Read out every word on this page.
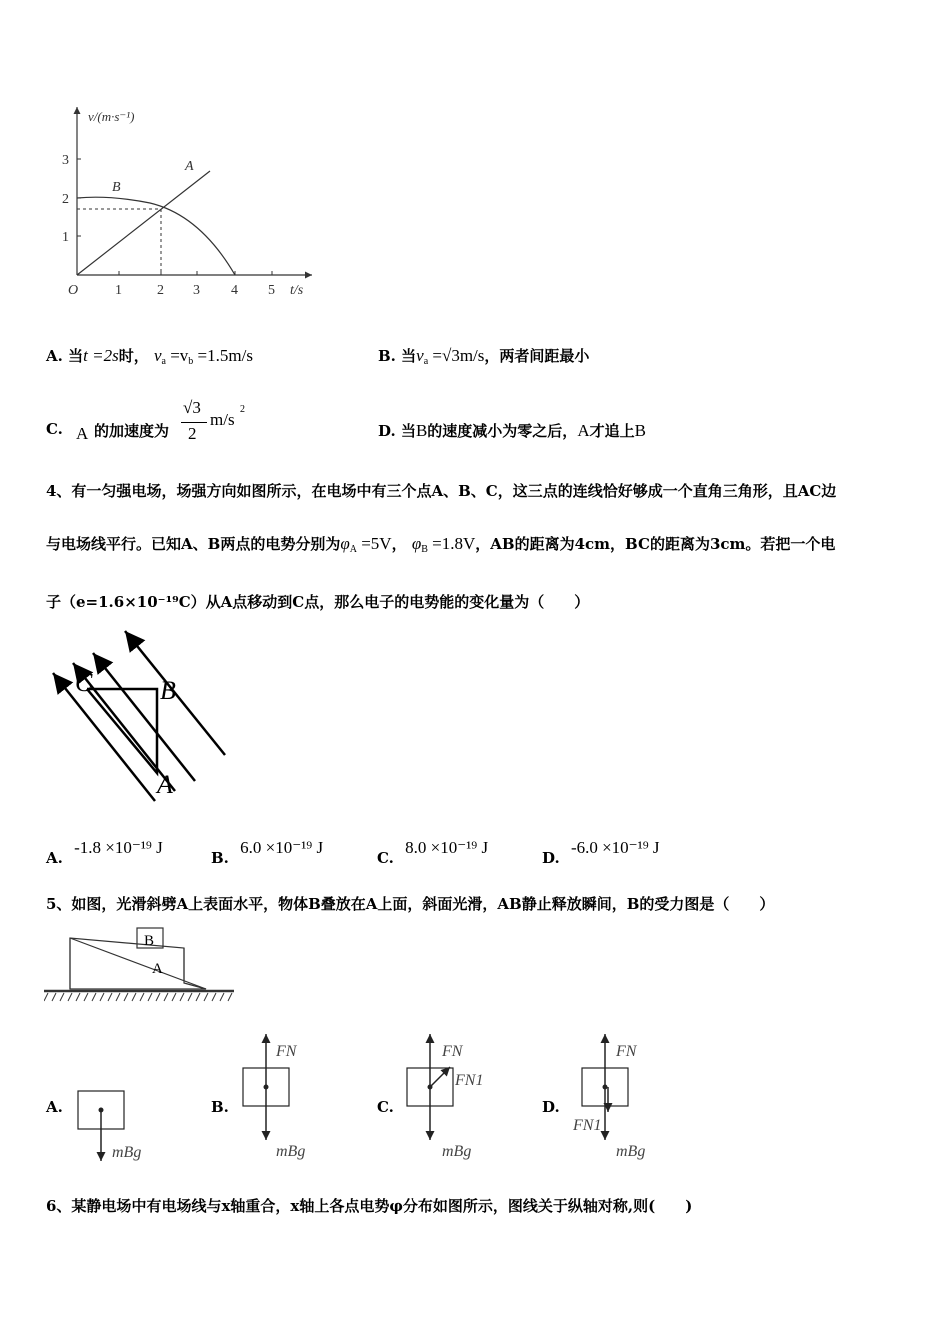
v/(m·s⁻¹)
t/s
O
1
2
3
1	2 3 4 5
A
B
A. 当t =2s时， $v_a =v_b =1.5m/s$	B. 当$v_a =√3m/s$，两者间距最小
C. A 的加速度为
√3
2
m/s
2
D. 当B的速度减小为零之后，A才追上B
4、有一匀强电场，场强方向如图所示，在电场中有三个点A、B、C，这三点的连线恰好够成一个直角三角形，且AC边
与电场线平行。已知A、B两点的电势分别为$\varphi_A =5V$， $\varphi_B =1.8V$，AB的距离为4cm，BC的距离为3cm。若把一个电
子（e=1.6×10⁻¹⁹C）从A点移动到C点，那么电子的电势能的变化量为（　　）
C	B
A
A. -1.8 ×10⁻¹⁹ J
B. 6.0 ×10⁻¹⁹ J
C. 8.0 ×10⁻¹⁹ J
D. -6.0 ×10⁻¹⁹ J
5、如图，光滑斜劈A上表面水平，物体B叠放在A上面，斜面光滑，AB静止释放瞬间，B的受力图是（　　）
B
A
A.
mBg
B.
FN
mBg
C.
FN
FN1
mBg
D.
FN
FN1
mBg
6、某静电场中有电场线与x轴重合，x轴上各点电势φ分布如图所示，图线关于纵轴对称,则(　　)
